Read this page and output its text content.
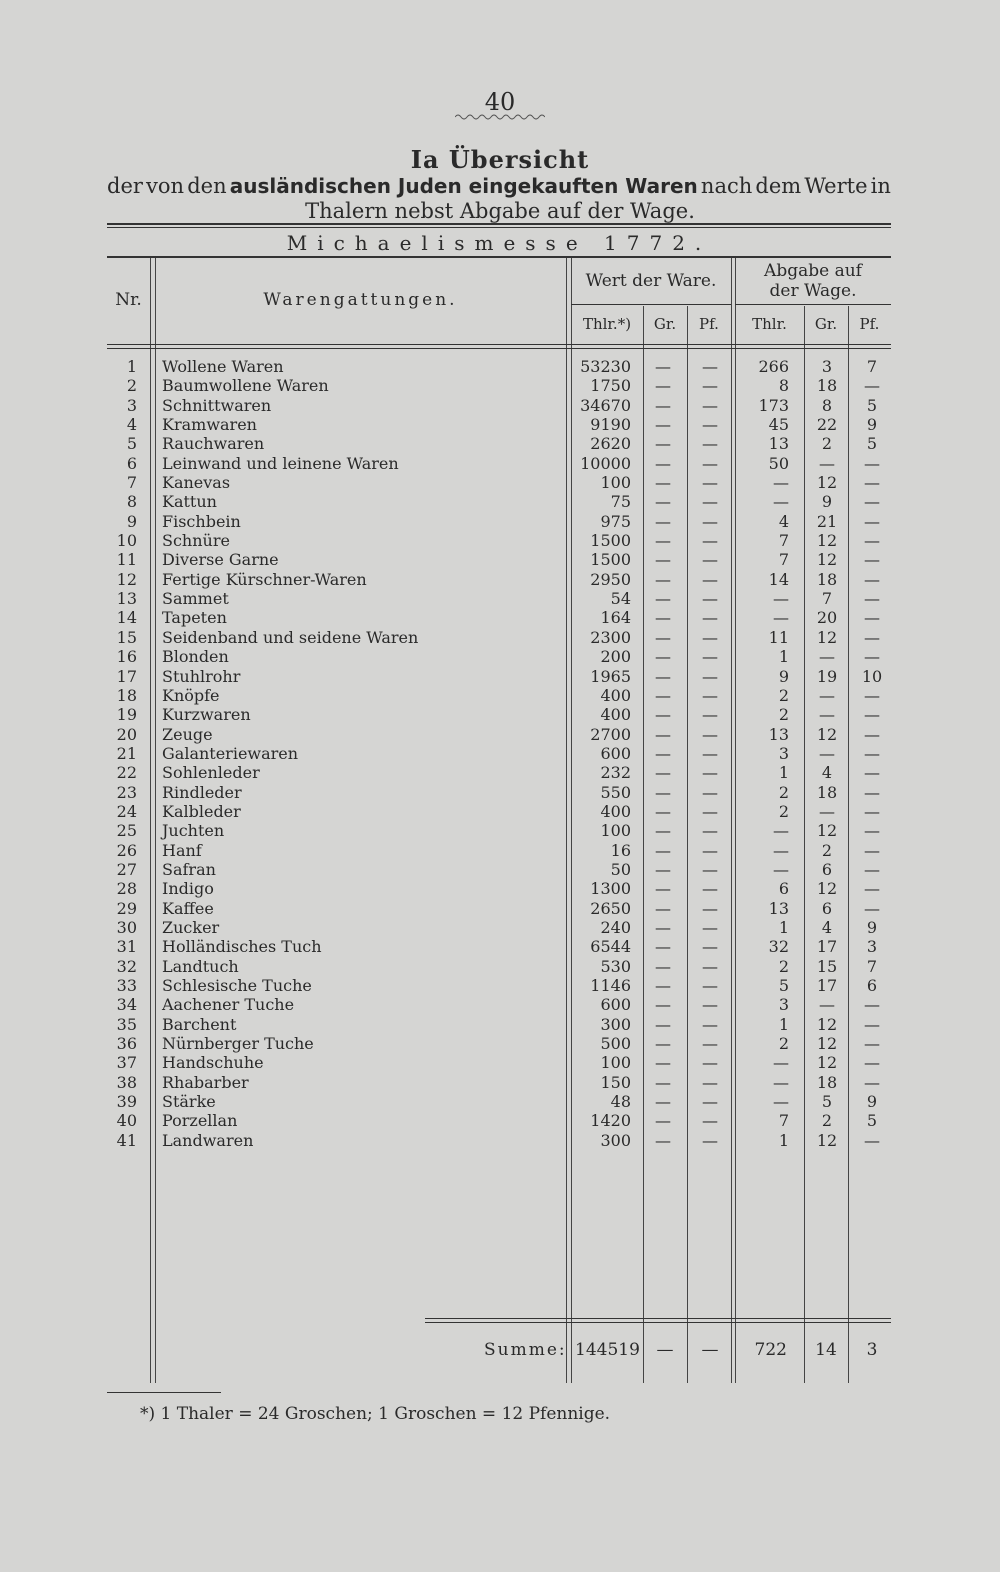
40
Ia Übersicht
der von den ausländischen Juden eingekauften Waren nach dem Werte in
Thalern nebst Abgabe auf der Wage.
Michaelismesse 1772.
Nr.	Warengattungen.
Wert der Ware.	Abgabe auf der Wage.
Thlr.*)	Gr.	Pf.	Thlr.	Gr.	Pf.
1 Wollene Waren	53230	—	—	266	3	7
2 Baumwollene Waren	1750	—	—	8	18	—
3 Schnittwaren	34670	—	—	173	8	5
4 Kramwaren	9190	—	—	45	22	9
5 Rauchwaren	2620	—	—	13	2	5
6 Leinwand und leinene Waren	10000	—	—	50	—	—
7 Kanevas	100	—	—	—	12	—
8 Kattun	75	—	—	—	9	—
9 Fischbein	975	—	—	4	21	—
10 Schnüre	1500	—	—	7	12	—
11 Diverse Garne	1500	—	—	7	12	—
12 Fertige Kürschner-Waren	2950	—	—	14	18	—
13 Sammet	54	—	—	—	7	—
14 Tapeten	164	—	—	—	20	—
15 Seidenband und seidene Waren	2300	—	—	11	12	—
16 Blonden	200	—	—	1	—	—
17 Stuhlrohr	1965	—	—	9	19	10
18 Knöpfe	400	—	—	2	—	—
19 Kurzwaren	400	—	—	2	—	—
20 Zeuge	2700	—	—	13	12	—
21 Galanteriewaren	600	—	—	3	—	—
22 Sohlenleder	232	—	—	1	4	—
23 Rindleder	550	—	—	2	18	—
24 Kalbleder	400	—	—	2	—	—
25 Juchten	100	—	—	—	12	—
26 Hanf	16	—	—	—	2	—
27 Safran	50	—	—	—	6	—
28 Indigo	1300	—	—	6	12	—
29 Kaffee	2650	—	—	13	6	—
30 Zucker	240	—	—	1	4	9
31 Holländisches Tuch	6544	—	—	32	17	3
32 Landtuch	530	—	—	2	15	7
33 Schlesische Tuche	1146	—	—	5	17	6
34 Aachener Tuche	600	—	—	3	—	—
35 Barchent	300	—	—	1	12	—
36 Nürnberger Tuche	500	—	—	2	12	—
37 Handschuhe	100	—	—	—	12	—
38 Rhabarber	150	—	—	—	18	—
39 Stärke	48	—	—	—	5	9
40 Porzellan	1420	—	—	7	2	5
41 Landwaren	300	—	—	1	12	—
Summe: 144519 —	—	722	14	3
*) 1 Thaler = 24 Groschen; 1 Groschen = 12 Pfennige.
